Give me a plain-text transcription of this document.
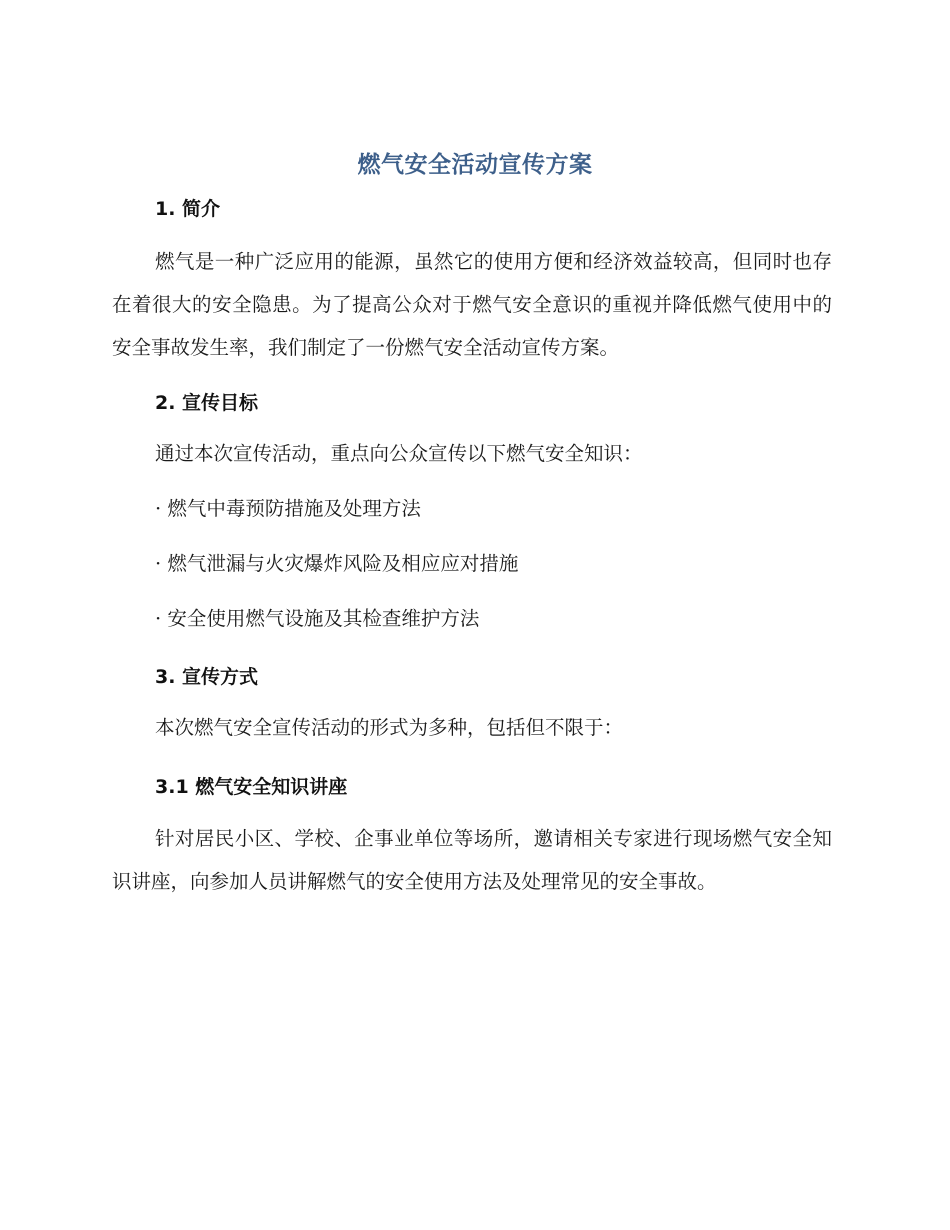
燃气安全活动宣传方案
1. 简介
燃气是一种广泛应用的能源，虽然它的使用方便和经济效益较高，但同时也存在着很大的安全隐患。为了提高公众对于燃气安全意识的重视并降低燃气使用中的安全事故发生率，我们制定了一份燃气安全活动宣传方案。
2. 宣传目标
通过本次宣传活动，重点向公众宣传以下燃气安全知识：
· 燃气中毒预防措施及处理方法
· 燃气泄漏与火灾爆炸风险及相应应对措施
· 安全使用燃气设施及其检查维护方法
3. 宣传方式
本次燃气安全宣传活动的形式为多种，包括但不限于：
3.1 燃气安全知识讲座
针对居民小区、学校、企事业单位等场所，邀请相关专家进行现场燃气安全知识讲座，向参加人员讲解燃气的安全使用方法及处理常见的安全事故。
